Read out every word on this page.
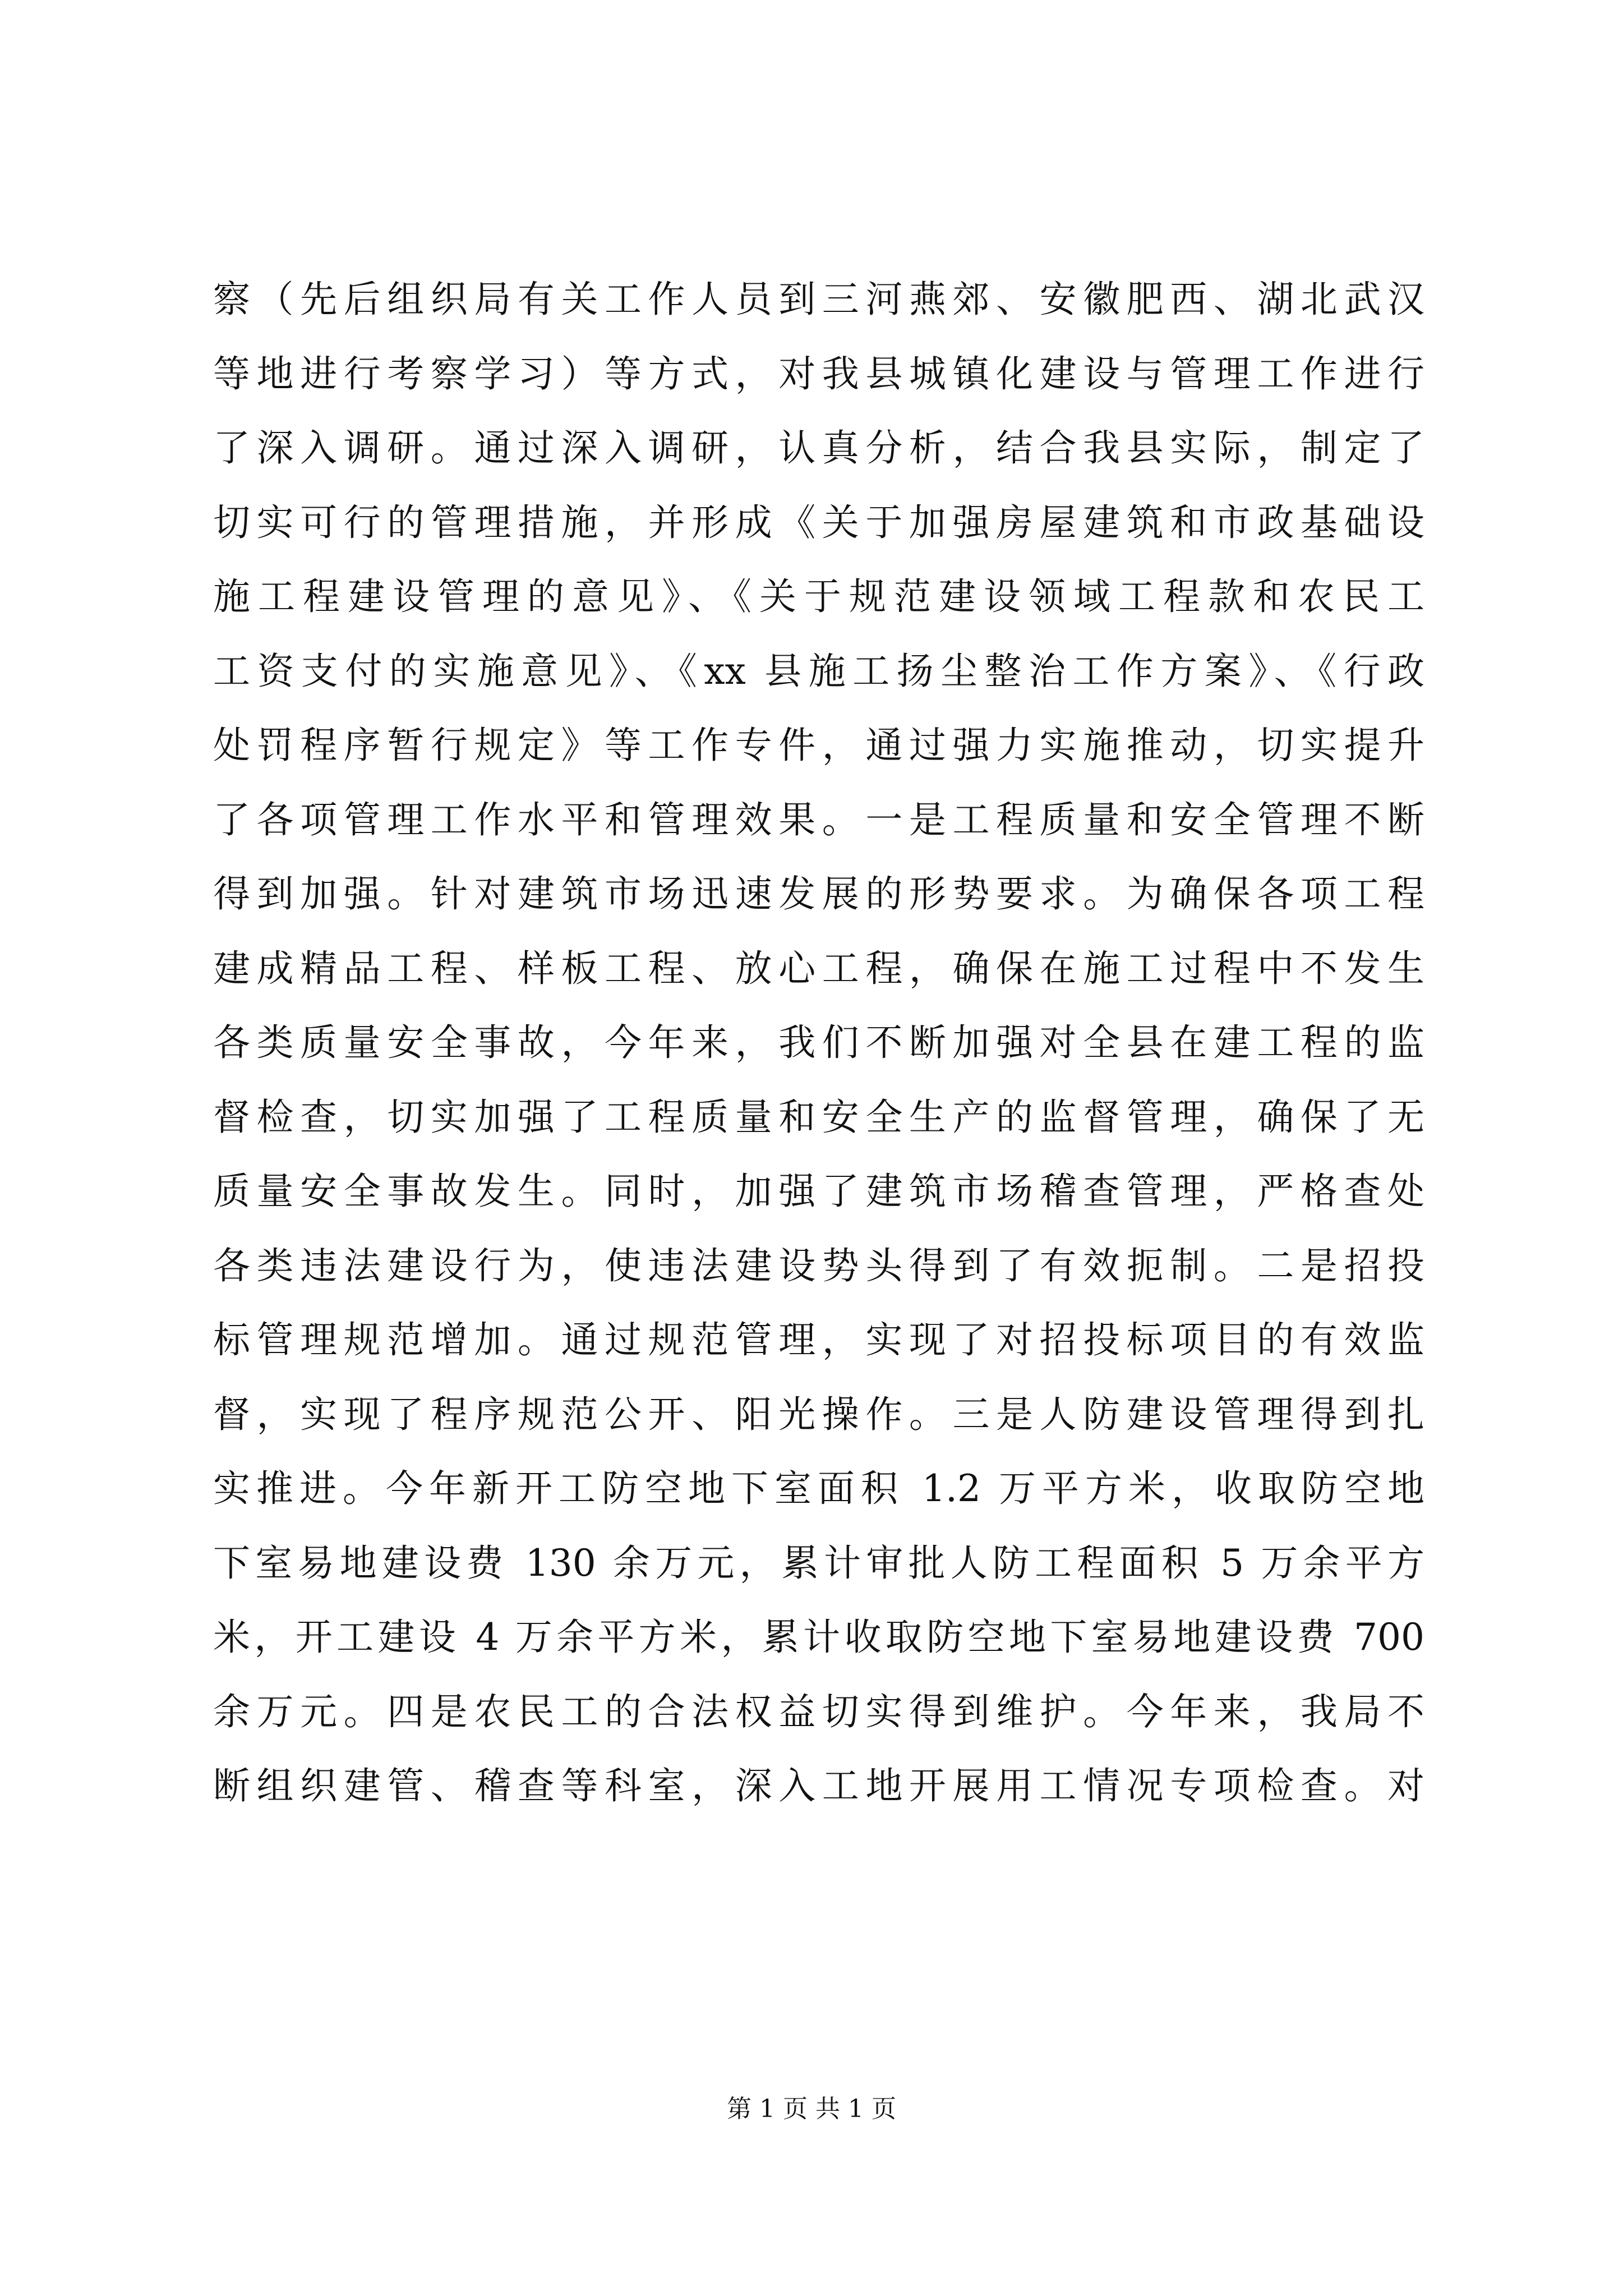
察（先后组织局有关工作人员到三河燕郊、安徽肥西、湖北武汉
等地进行考察学习）等方式，对我县城镇化建设与管理工作进行
了深入调研。通过深入调研，认真分析，结合我县实际，制定了
切实可行的管理措施，并形成《关于加强房屋建筑和市政基础设
施工程建设管理的意见》、《关于规范建设领域工程款和农民工
工资支付的实施意见》、《xx 县施工扬尘整治工作方案》、《行政
处罚程序暂行规定》等工作专件，通过强力实施推动，切实提升
了各项管理工作水平和管理效果。一是工程质量和安全管理不断
得到加强。针对建筑市场迅速发展的形势要求。为确保各项工程
建成精品工程、样板工程、放心工程，确保在施工过程中不发生
各类质量安全事故，今年来，我们不断加强对全县在建工程的监
督检查，切实加强了工程质量和安全生产的监督管理，确保了无
质量安全事故发生。同时，加强了建筑市场稽查管理，严格查处
各类违法建设行为，使违法建设势头得到了有效扼制。二是招投
标管理规范增加。通过规范管理，实现了对招投标项目的有效监
督，实现了程序规范公开、阳光操作。三是人防建设管理得到扎
实推进。今年新开工防空地下室面积 1.2 万平方米，收取防空地
下室易地建设费 130 余万元，累计审批人防工程面积 5 万余平方
米，开工建设 4 万余平方米，累计收取防空地下室易地建设费 700
余万元。四是农民工的合法权益切实得到维护。今年来，我局不
断组织建管、稽查等科室，深入工地开展用工情况专项检查。对
第 1 页 共 1 页
